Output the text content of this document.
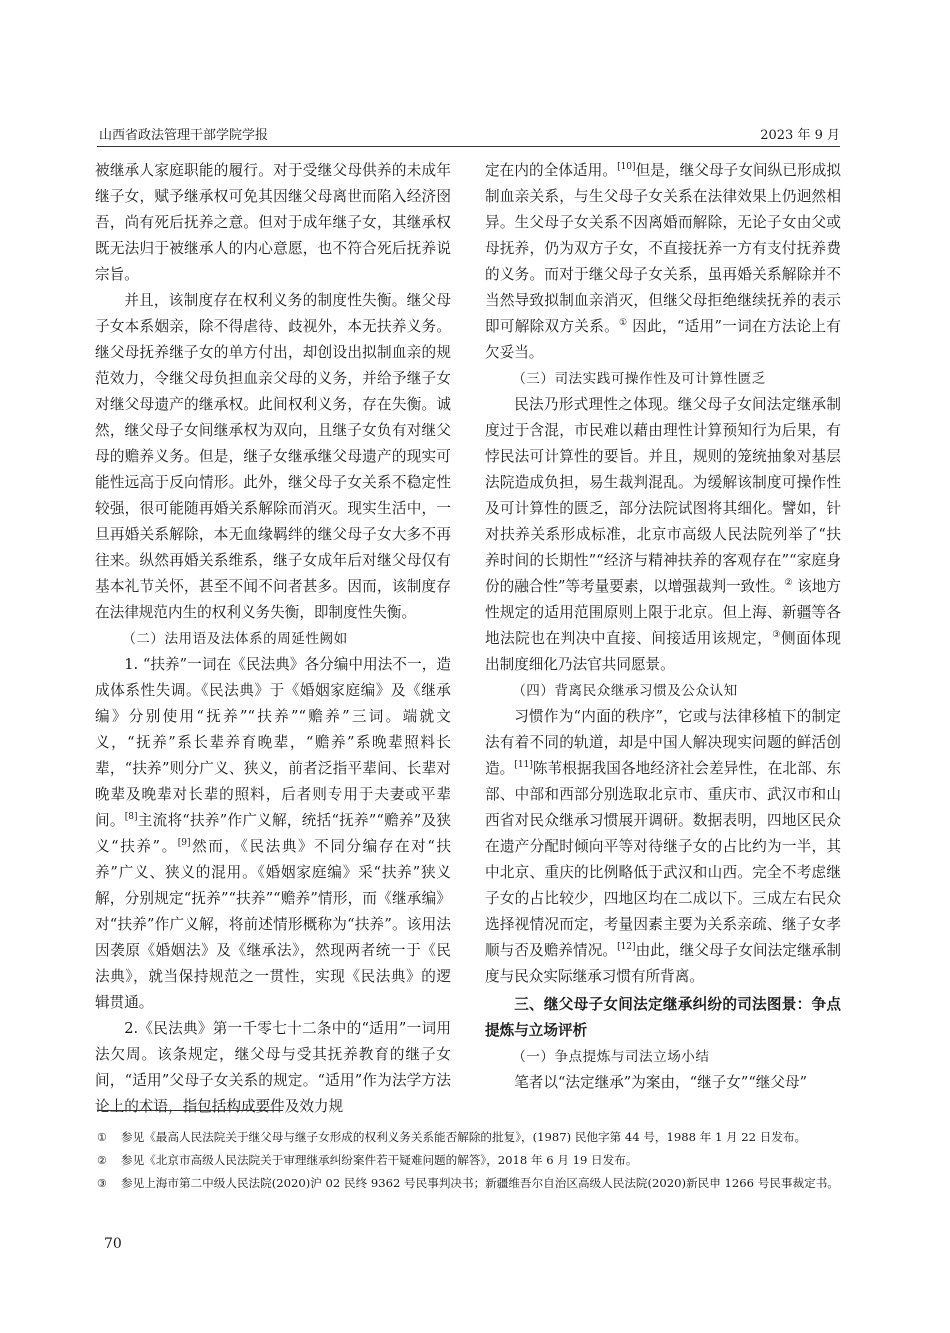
山西省政法管理干部学院学报	2023 年 9 月

被继承人家庭职能的履行。对于受继父母供养的未成年继子女，赋予继承权可免其因继父母离世而陷入经济囹吾，尚有死后抚养之意。但对于成年继子女，其继承权既无法归于被继承人的内心意愿，也不符合死后抚养说宗旨。

并且，该制度存在权利义务的制度性失衡。继父母子女本系姻亲，除不得虐待、歧视外，本无扶养义务。继父母抚养继子女的单方付出，却创设出拟制血亲的规范效力，令继父母负担血亲父母的义务，并给予继子女对继父母遗产的继承权。此间权利义务，存在失衡。诚然，继父母子女间继承权为双向，且继子女负有对继父母的赡养义务。但是，继子女继承继父母遗产的现实可能性远高于反向情形。此外，继父母子女关系不稳定性较强，很可能随再婚关系解除而消灭。现实生活中，一旦再婚关系解除，本无血缘羁绊的继父母子女大多不再往来。纵然再婚关系维系，继子女成年后对继父母仅有基本礼节关怀，甚至不闻不问者甚多。因而，该制度存在法律规范内生的权利义务失衡，即制度性失衡。

（二）法用语及法体系的周延性阙如

1. “扶养”一词在《民法典》各分编中用法不一，造成体系性失调。《民法典》于《婚姻家庭编》及《继承编》分别使用“抚养”“扶养”“赡养”三词。端就文义，“抚养”系长辈养育晚辈，“赡养”系晚辈照料长辈，“扶养”则分广义、狭义，前者泛指平辈间、长辈对晚辈及晚辈对长辈的照料，后者则专用于夫妻或平辈间。[8]主流将“扶养”作广义解，统括“抚养”“赡养”及狭义“扶养”。[9]然而，《民法典》不同分编存在对“扶养”广义、狭义的混用。《婚姻家庭编》采“扶养”狭义解，分别规定“抚养”“扶养”“赡养”情形，而《继承编》对“扶养”作广义解，将前述情形概称为“扶养”。该用法因袭原《婚姻法》及《继承法》，然现两者统一于《民法典》，就当保持规范之一贯性，实现《民法典》的逻辑贯通。

2.《民法典》第一千零七十二条中的“适用”一词用法欠周。该条规定，继父母与受其抚养教育的继子女间，“适用”父母子女关系的规定。“适用”作为法学方法论上的术语，指包括构成要件及效力规

定在内的全体适用。[10]但是，继父母子女间纵已形成拟制血亲关系，与生父母子女关系在法律效果上仍迥然相异。生父母子女关系不因离婚而解除，无论子女由父或母抚养，仍为双方子女，不直接抚养一方有支付抚养费的义务。而对于继父母子女关系，虽再婚关系解除并不当然导致拟制血亲消灭，但继父母拒绝继续抚养的表示即可解除双方关系。① 因此，“适用”一词在方法论上有欠妥当。

（三）司法实践可操作性及可计算性匮乏

民法乃形式理性之体现。继父母子女间法定继承制度过于含混，市民难以藉由理性计算预知行为后果，有悖民法可计算性的要旨。并且，规则的笼统抽象对基层法院造成负担，易生裁判混乱。为缓解该制度可操作性及可计算性的匮乏，部分法院试图将其细化。譬如，针对扶养关系形成标准，北京市高级人民法院列举了“扶养时间的长期性”“经济与精神扶养的客观存在”“家庭身份的融合性”等考量要素，以增强裁判一致性。② 该地方性规定的适用范围原则上限于北京。但上海、新疆等各地法院也在判决中直接、间接适用该规定，③侧面体现出制度细化乃法官共同愿景。

（四）背离民众继承习惯及公众认知

习惯作为“内面的秩序”，它或与法律移植下的制定法有着不同的轨道，却是中国人解决现实问题的鲜活创造。[11]陈苇根据我国各地经济社会差异性，在北部、东部、中部和西部分别选取北京市、重庆市、武汉市和山西省对民众继承习惯展开调研。数据表明，四地区民众在遗产分配时倾向平等对待继子女的占比约为一半，其中北京、重庆的比例略低于武汉和山西。完全不考虑继子女的占比较少，四地区均在二成以下。三成左右民众选择视情况而定，考量因素主要为关系亲疏、继子女孝顺与否及赡养情况。[12]由此，继父母子女间法定继承制度与民众实际继承习惯有所背离。

三、继父母子女间法定继承纠纷的司法图景：争点提炼与立场评析
（一）争点提炼与司法立场小结

笔者以“法定继承”为案由，“继子女”“继父母”

① 参见《最高人民法院关于继父母与继子女形成的权利义务关系能否解除的批复》，(1987) 民他字第 44 号，1988 年 1 月 22 日发布。
② 参见《北京市高级人民法院关于审理继承纠纷案件若干疑难问题的解答》，2018 年 6 月 19 日发布。
③ 参见上海市第二中级人民法院(2020)沪 02 民终 9362 号民事判决书；新疆维吾尔自治区高级人民法院(2020)新民申 1266 号民事裁定书。
70
